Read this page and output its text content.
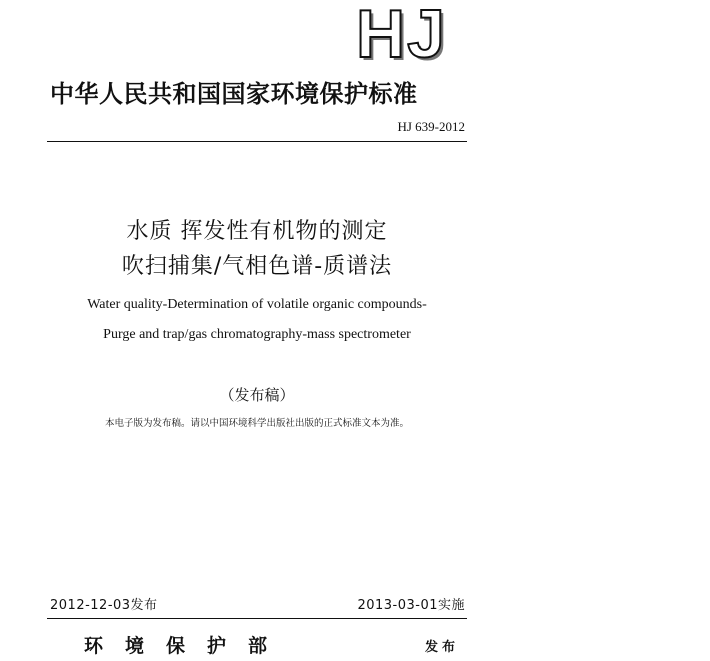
HJ
中华人民共和国国家环境保护标准
HJ 639-2012
水质 挥发性有机物的测定
吹扫捕集/气相色谱-质谱法
Water quality-Determination of volatile organic compounds-
Purge and trap/gas chromatography-mass spectrometer
（发布稿）
本电子版为发布稿。请以中国环境科学出版社出版的正式标准文本为准。
2012-12-03发布	2013-03-01实施
环境保护部	发布
